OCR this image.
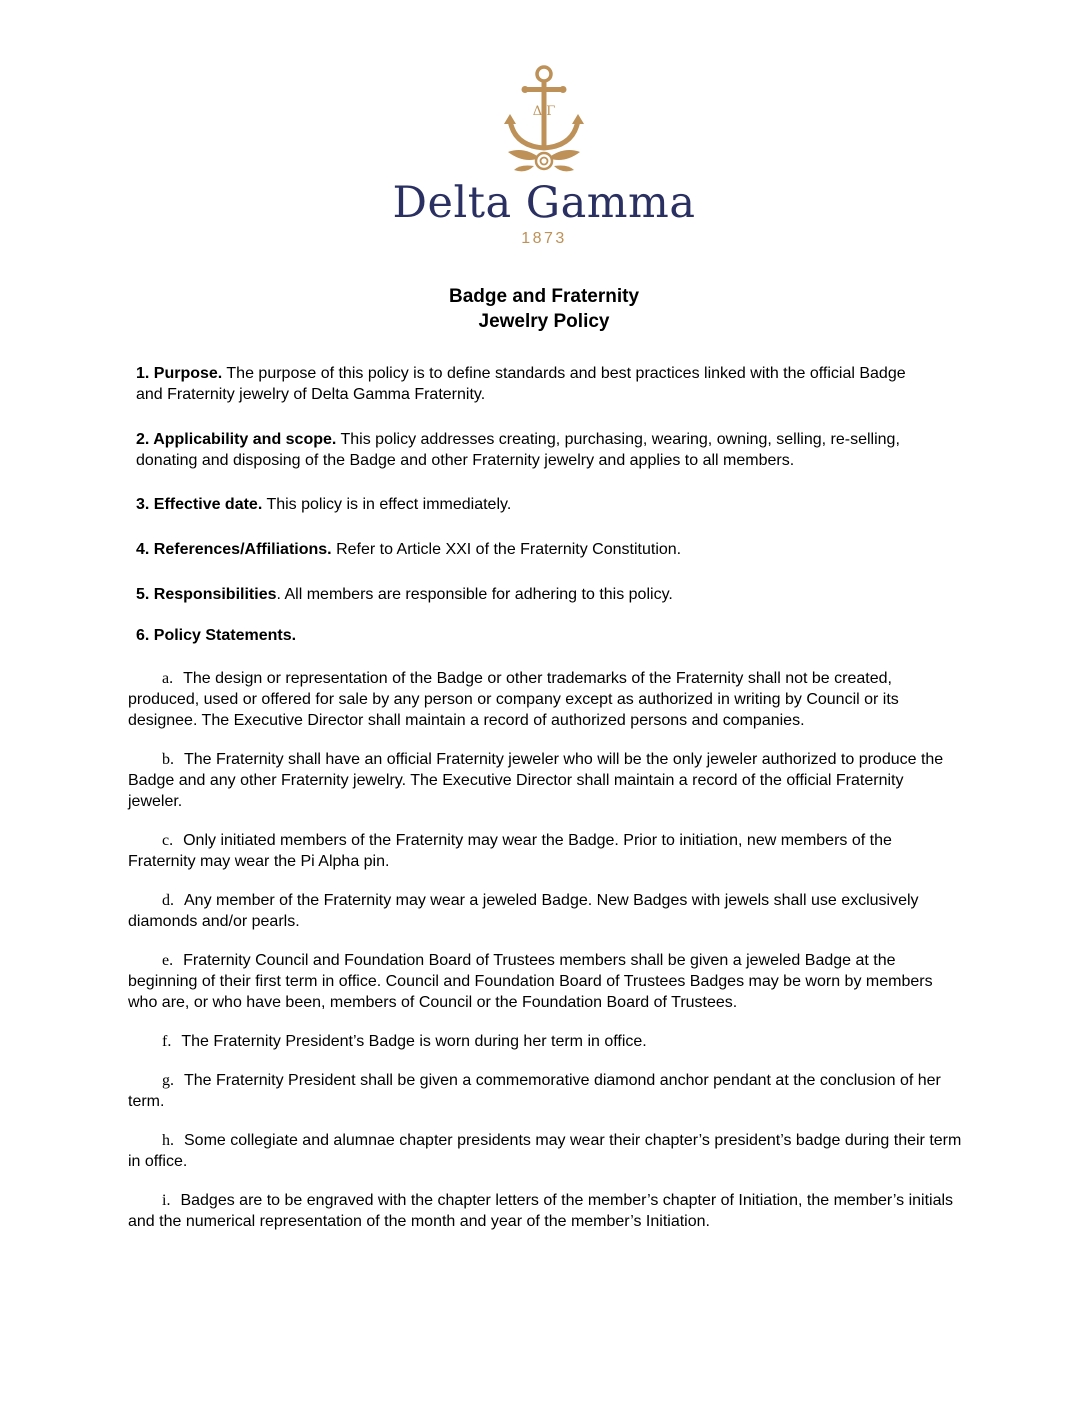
Δ Γ
Delta Gamma
1873
Badge and Fraternity
Jewelry Policy
1. Purpose. The purpose of this policy is to define standards and best practices linked with the official Badge and Fraternity jewelry of Delta Gamma Fraternity.
2. Applicability and scope. This policy addresses creating, purchasing, wearing, owning, selling, re-selling, donating and disposing of the Badge and other Fraternity jewelry and applies to all members.
3. Effective date. This policy is in effect immediately.
4. References/Affiliations. Refer to Article XXI of the Fraternity Constitution.
5. Responsibilities. All members are responsible for adhering to this policy.
6. Policy Statements.

a. The design or representation of the Badge or other trademarks of the Fraternity shall not be created, produced, used or offered for sale by any person or company except as authorized in writing by Council or its designee. The Executive Director shall maintain a record of authorized persons and companies.

b. The Fraternity shall have an official Fraternity jeweler who will be the only jeweler authorized to produce the Badge and any other Fraternity jewelry. The Executive Director shall maintain a record of the official Fraternity jeweler.

c. Only initiated members of the Fraternity may wear the Badge. Prior to initiation, new members of the Fraternity may wear the Pi Alpha pin.

d. Any member of the Fraternity may wear a jeweled Badge. New Badges with jewels shall use exclusively diamonds and/or pearls.

e. Fraternity Council and Foundation Board of Trustees members shall be given a jeweled Badge at the beginning of their first term in office. Council and Foundation Board of Trustees Badges may be worn by members who are, or who have been, members of Council or the Foundation Board of Trustees.

f. The Fraternity President’s Badge is worn during her term in office.

g. The Fraternity President shall be given a commemorative diamond anchor pendant at the conclusion of her term.

h. Some collegiate and alumnae chapter presidents may wear their chapter’s president’s badge during their term in office.

i. Badges are to be engraved with the chapter letters of the member’s chapter of Initiation, the member’s initials and the numerical representation of the month and year of the member’s Initiation.
